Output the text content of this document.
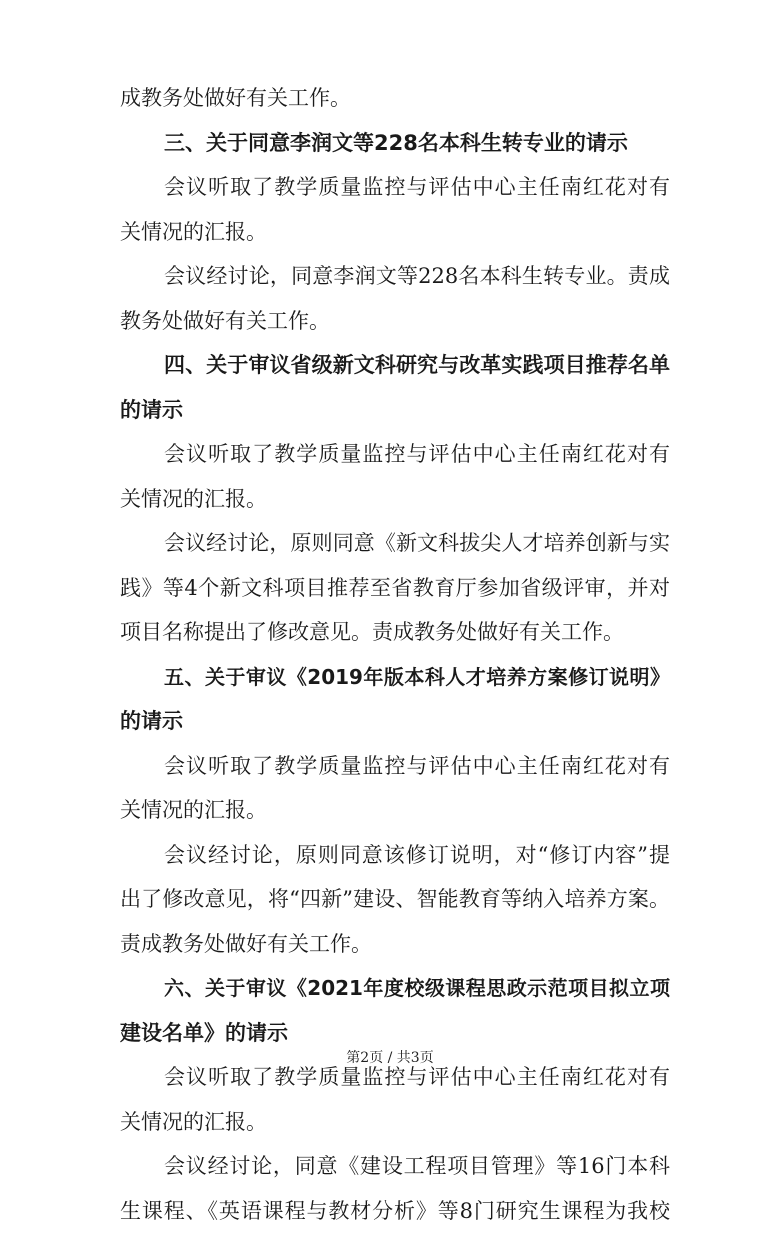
成教务处做好有关工作。
三、关于同意李润文等228名本科生转专业的请示
会议听取了教学质量监控与评估中心主任南红花对有
关情况的汇报。
会议经讨论，同意李润文等228名本科生转专业。责成
教务处做好有关工作。
四、关于审议省级新文科研究与改革实践项目推荐名单
的请示
会议听取了教学质量监控与评估中心主任南红花对有
关情况的汇报。
会议经讨论，原则同意《新文科拔尖人才培养创新与实
践》等4个新文科项目推荐至省教育厅参加省级评审，并对
项目名称提出了修改意见。责成教务处做好有关工作。
五、关于审议《2019年版本科人才培养方案修订说明》
的请示
会议听取了教学质量监控与评估中心主任南红花对有
关情况的汇报。
会议经讨论，原则同意该修订说明，对“修订内容”提
出了修改意见，将“四新”建设、智能教育等纳入培养方案。
责成教务处做好有关工作。
六、关于审议《2021年度校级课程思政示范项目拟立项
建设名单》的请示
会议听取了教学质量监控与评估中心主任南红花对有
关情况的汇报。
会议经讨论，同意《建设工程项目管理》等16门本科
生课程、《英语课程与教材分析》等8门研究生课程为我校
第2页 / 共3页
